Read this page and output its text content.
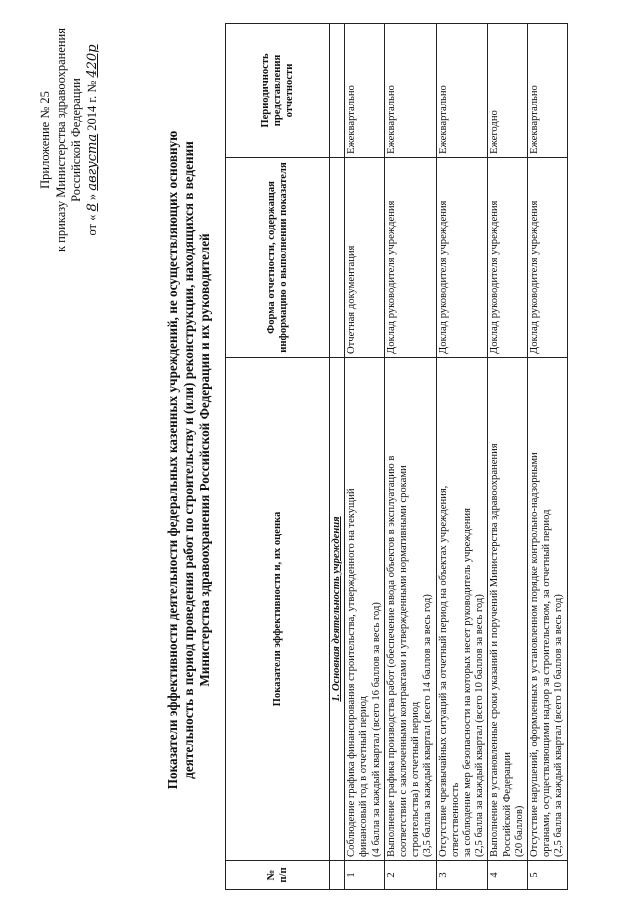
Приложение № 25 к приказу Министерства здравоохранения Российской Федерации
от « 8 » августа 2014 г. № 420р
Показатели эффективности деятельности федеральных казенных учреждений, не осуществляющих основную деятельность в период проведения работ по строительству и (или) реконструкции, находящихся в ведении Министерства здравоохранения Российской Федерации и их руководителей
№ п/п	Показатели эффективности и, их оценка	Форма отчетности, содержащая информацию о выполнении показателя	Периодичность представления отчетности
	1. Основная деятельность учреждения		
1	Соблюдение графика финансирования строительства, утвержденного на текущий финансовый год в отчетный период (4 балла за каждый квартал (всего 16 баллов за весь год)	Отчетная документация	Ежеквартально
2	Выполнение графика производства работ (обеспечение ввода объектов в эксплуатацию в соответствии с заключенными контрактами и утвержденными нормативными сроками строительства) в отчетный период (3,5 балла за каждый квартал (всего 14 баллов за весь год)	Доклад руководителя учреждения	Ежеквартально
3	Отсутствие чрезвычайных ситуаций за отчетный период на объектах учреждения, ответственность за соблюдение мер безопасности на которых несет руководитель учреждения (2,5 балла за каждый квартал (всего 10 баллов за весь год)	Доклад руководителя учреждения	Ежеквартально
4	Выполнение в установленные сроки указаний и поручений Министерства здравоохранения Российской Федерации (20 баллов)	Доклад руководителя учреждения	Ежегодно
5	Отсутствие нарушений, оформленных в установленном порядке контрольно-надзорными органами, осуществляющими надзор за строительством, за отчетный период (2,5 балла за каждый квартал (всего 10 баллов за весь год)	Доклад руководителя учреждения	Ежеквартально
